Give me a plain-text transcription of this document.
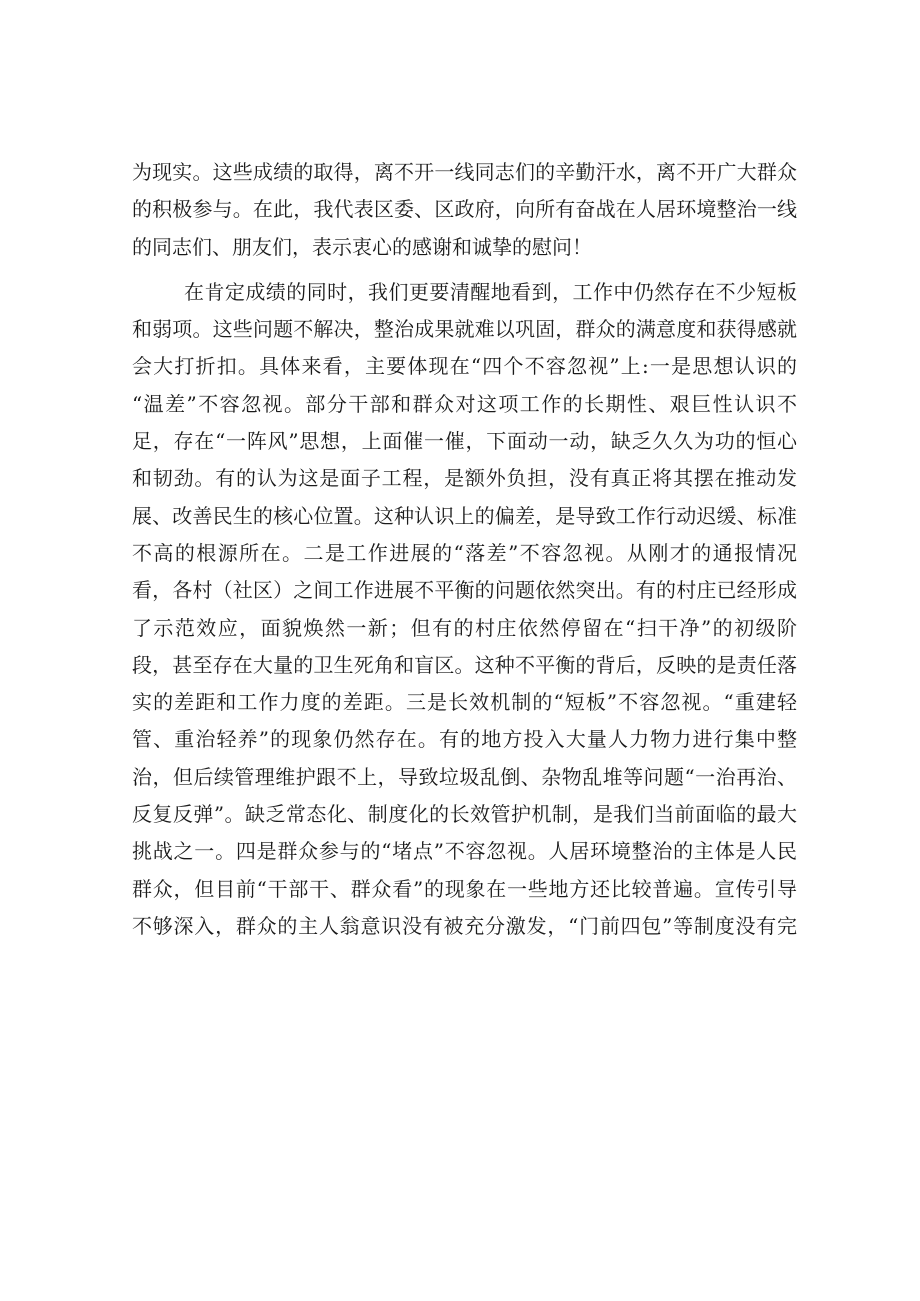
为现实。这些成绩的取得，离不开一线同志们的辛勤汗水，离不开广大群众
的积极参与。在此，我代表区委、区政府，向所有奋战在人居环境整治一线
的同志们、朋友们，表示衷心的感谢和诚挚的慰问！

在肯定成绩的同时，我们更要清醒地看到，工作中仍然存在不少短板
和弱项。这些问题不解决，整治成果就难以巩固，群众的满意度和获得感就
会大打折扣。具体来看，主要体现在“四个不容忽视”上:一是思想认识的
“温差”不容忽视。部分干部和群众对这项工作的长期性、艰巨性认识不
足，存在“一阵风”思想，上面催一催，下面动一动，缺乏久久为功的恒心
和韧劲。有的认为这是面子工程，是额外负担，没有真正将其摆在推动发
展、改善民生的核心位置。这种认识上的偏差，是导致工作行动迟缓、标准
不高的根源所在。二是工作进展的“落差”不容忽视。从刚才的通报情况
看，各村（社区）之间工作进展不平衡的问题依然突出。有的村庄已经形成
了示范效应，面貌焕然一新；但有的村庄依然停留在“扫干净”的初级阶
段，甚至存在大量的卫生死角和盲区。这种不平衡的背后，反映的是责任落
实的差距和工作力度的差距。三是长效机制的“短板”不容忽视。“重建轻
管、重治轻养”的现象仍然存在。有的地方投入大量人力物力进行集中整
治，但后续管理维护跟不上，导致垃圾乱倒、杂物乱堆等问题“一治再治、
反复反弹”。缺乏常态化、制度化的长效管护机制，是我们当前面临的最大
挑战之一。四是群众参与的“堵点”不容忽视。人居环境整治的主体是人民
群众，但目前“干部干、群众看”的现象在一些地方还比较普遍。宣传引导
不够深入，群众的主人翁意识没有被充分激发，“门前四包”等制度没有完
